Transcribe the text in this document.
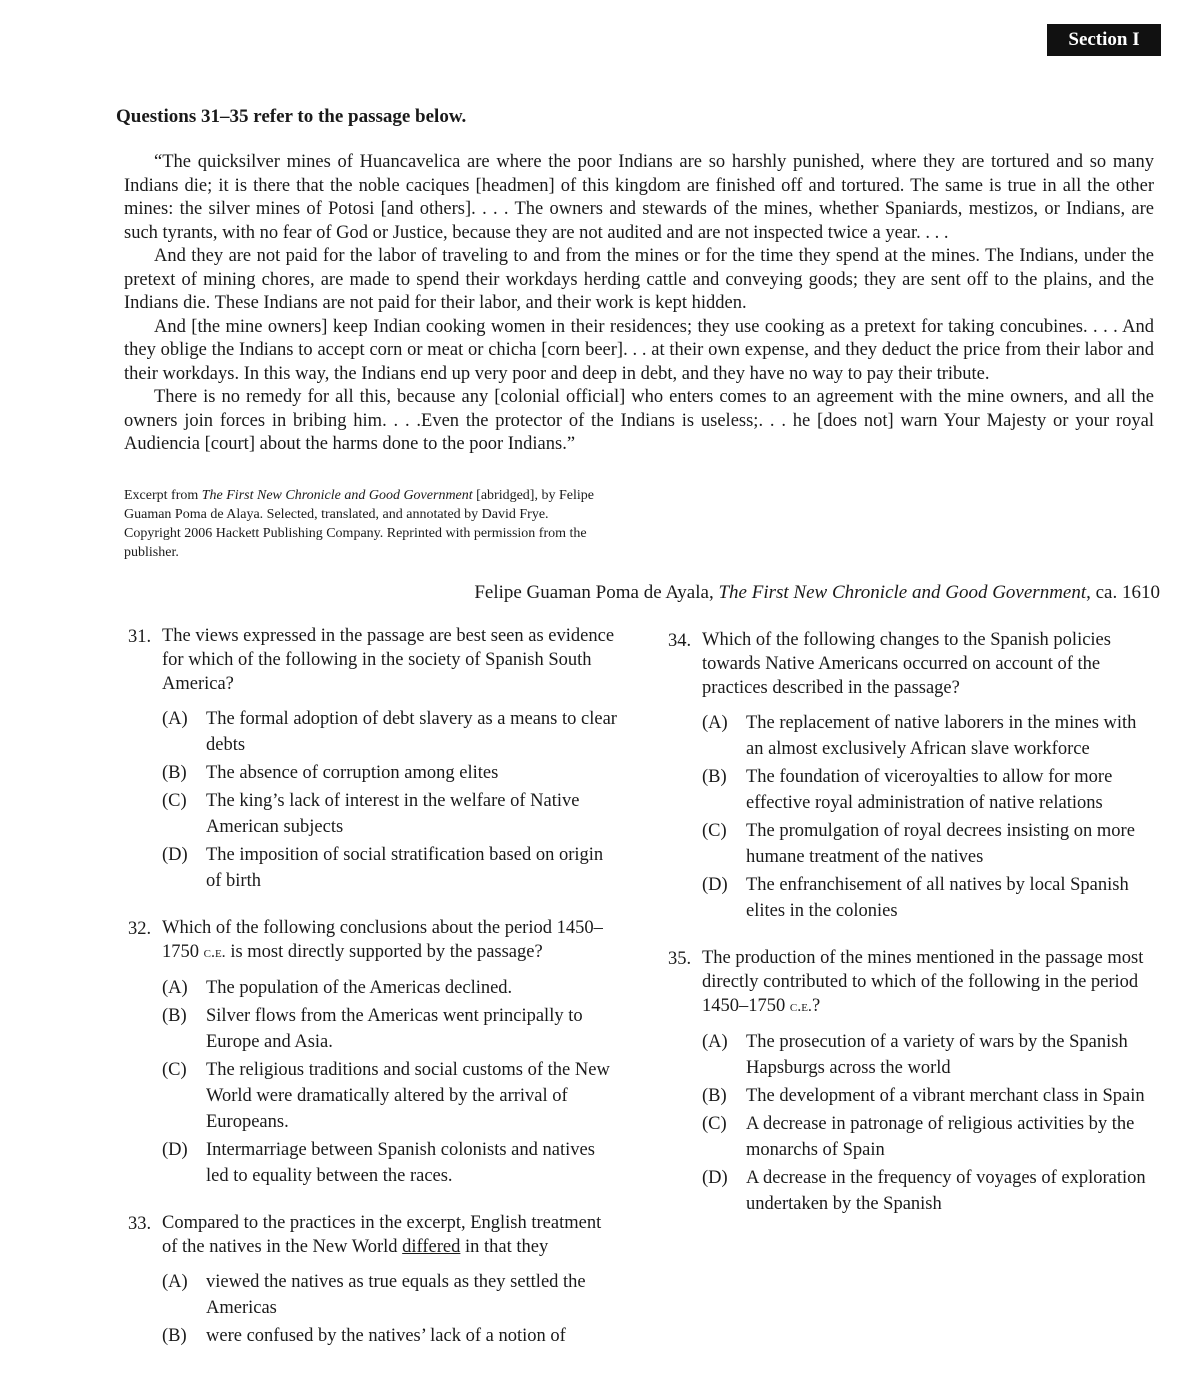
Section I
Questions 31–35 refer to the passage below.

“The quicksilver mines of Huancavelica are where the poor Indians are so harshly punished, where they are tortured and so many Indians die; it is there that the noble caciques [headmen] of this kingdom are finished off and tortured. The same is true in all the other mines: the silver mines of Potosi [and others]. . . . The owners and stewards of the mines, whether Spaniards, mestizos, or Indians, are such tyrants, with no fear of God or Justice, because they are not audited and are not inspected twice a year. . . .

And they are not paid for the labor of traveling to and from the mines or for the time they spend at the mines. The Indians, under the pretext of mining chores, are made to spend their workdays herding cattle and conveying goods; they are sent off to the plains, and the Indians die. These Indians are not paid for their labor, and their work is kept hidden.

And [the mine owners] keep Indian cooking women in their residences; they use cooking as a pretext for taking concubines. . . . And they oblige the Indians to accept corn or meat or chicha [corn beer]. . . at their own expense, and they deduct the price from their labor and their workdays. In this way, the Indians end up very poor and deep in debt, and they have no way to pay their tribute.

There is no remedy for all this, because any [colonial official] who enters comes to an agreement with the mine owners, and all the owners join forces in bribing him. . . .Even the protector of the Indians is useless;. . . he [does not] warn Your Majesty or your royal Audiencia [court] about the harms done to the poor Indians.”

Excerpt from The First New Chronicle and Good Government [abridged], by Felipe Guaman Poma de Alaya. Selected, translated, and annotated by David Frye. Copyright 2006 Hackett Publishing Company. Reprinted with permission from the publisher.
Felipe Guaman Poma de Ayala, The First New Chronicle and Good Government, ca. 1610
31. The views expressed in the passage are best seen as evidence for which of the following in the society of Spanish South America?
(A) The formal adoption of debt slavery as a means to clear debts
(B)	The absence of corruption among elites
(C)	The king’s lack of interest in the welfare of Native American subjects
(D) The imposition of social stratification based on origin of birth
32. Which of the following conclusions about the period 1450–1750 c.e. is most directly supported by the passage?
(A) The population of the Americas declined.
(B)	Silver flows from the Americas went principally to Europe and Asia.
(C)	The religious traditions and social customs of the New World were dramatically altered by the arrival of Europeans.
(D) Intermarriage between Spanish colonists and natives led to equality between the races.
33. Compared to the practices in the excerpt, English treatment of the natives in the New World differed in that they
(A) viewed the natives as true equals as they settled the Americas
(B)	were confused by the natives’ lack of a notion of
34. Which of the following changes to the Spanish policies towards Native Americans occurred on account of the practices described in the passage?
(A) The replacement of native laborers in the mines with an almost exclusively African slave workforce
(B)	The foundation of viceroyalties to allow for more effective royal administration of native relations
(C)	The promulgation of royal decrees insisting on more humane treatment of the natives
(D) The enfranchisement of all natives by local Spanish elites in the colonies
35. The production of the mines mentioned in the passage most directly contributed to which of the following in the period 1450–1750 c.e.?
(A) The prosecution of a variety of wars by the Spanish Hapsburgs across the world
(B)	The development of a vibrant merchant class in Spain
(C)	A decrease in patronage of religious activities by the monarchs of Spain
(D) A decrease in the frequency of voyages of exploration undertaken by the Spanish
